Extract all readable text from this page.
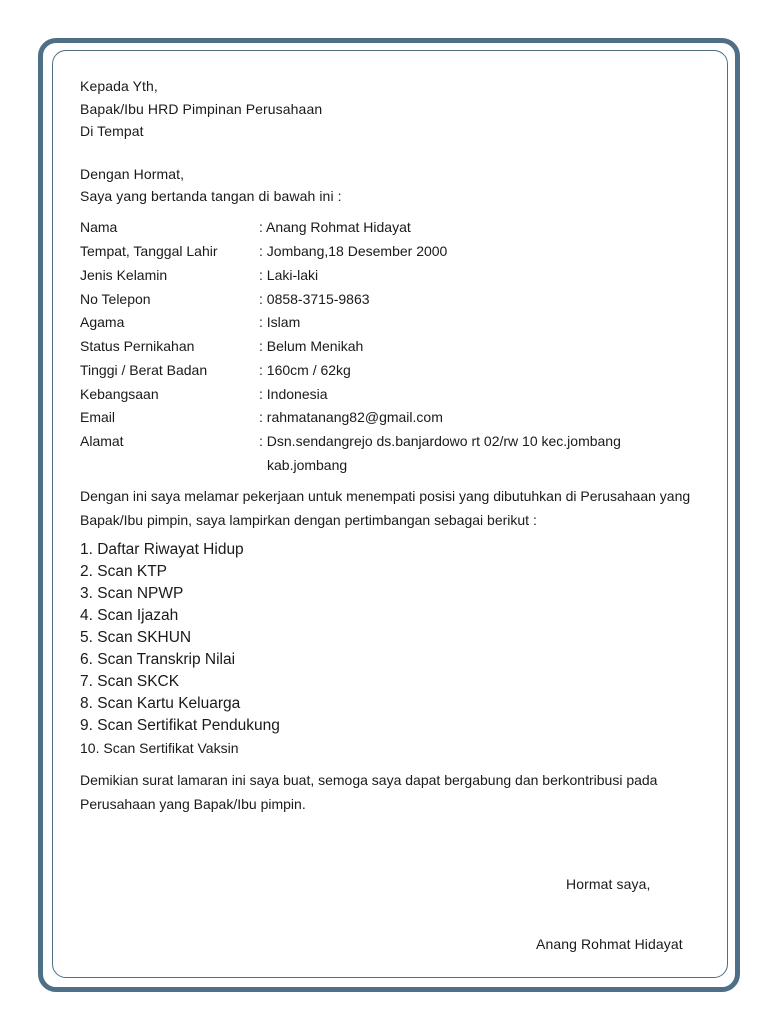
Kepada Yth,
Bapak/Ibu HRD Pimpinan Perusahaan
Di Tempat
Dengan Hormat,
Saya yang bertanda tangan di bawah ini :
Nama	: Anang Rohmat Hidayat
Tempat, Tanggal Lahir	: Jombang,18 Desember 2000
Jenis Kelamin	: Laki-laki
No Telepon	: 0858-3715-9863
Agama	: Islam
Status Pernikahan	: Belum Menikah
Tinggi / Berat Badan	: 160cm / 62kg
Kebangsaan	: Indonesia
Email	: rahmatanang82@gmail.com
Alamat	: Dsn.sendangrejo ds.banjardowo rt 02/rw 10 kec.jombang
kab.jombang
Dengan ini saya melamar pekerjaan untuk menempati posisi yang dibutuhkan di Perusahaan yang Bapak/Ibu pimpin, saya lampirkan dengan pertimbangan sebagai berikut :
1. Daftar Riwayat Hidup
2. Scan KTP
3. Scan NPWP
4. Scan Ijazah
5. Scan SKHUN
6. Scan Transkrip Nilai
7. Scan SKCK
8. Scan Kartu Keluarga
9. Scan Sertifikat Pendukung
10. Scan Sertifikat Vaksin
Demikian surat lamaran ini saya buat, semoga saya dapat bergabung dan berkontribusi pada Perusahaan yang Bapak/Ibu pimpin.
Hormat saya,
Anang Rohmat Hidayat
